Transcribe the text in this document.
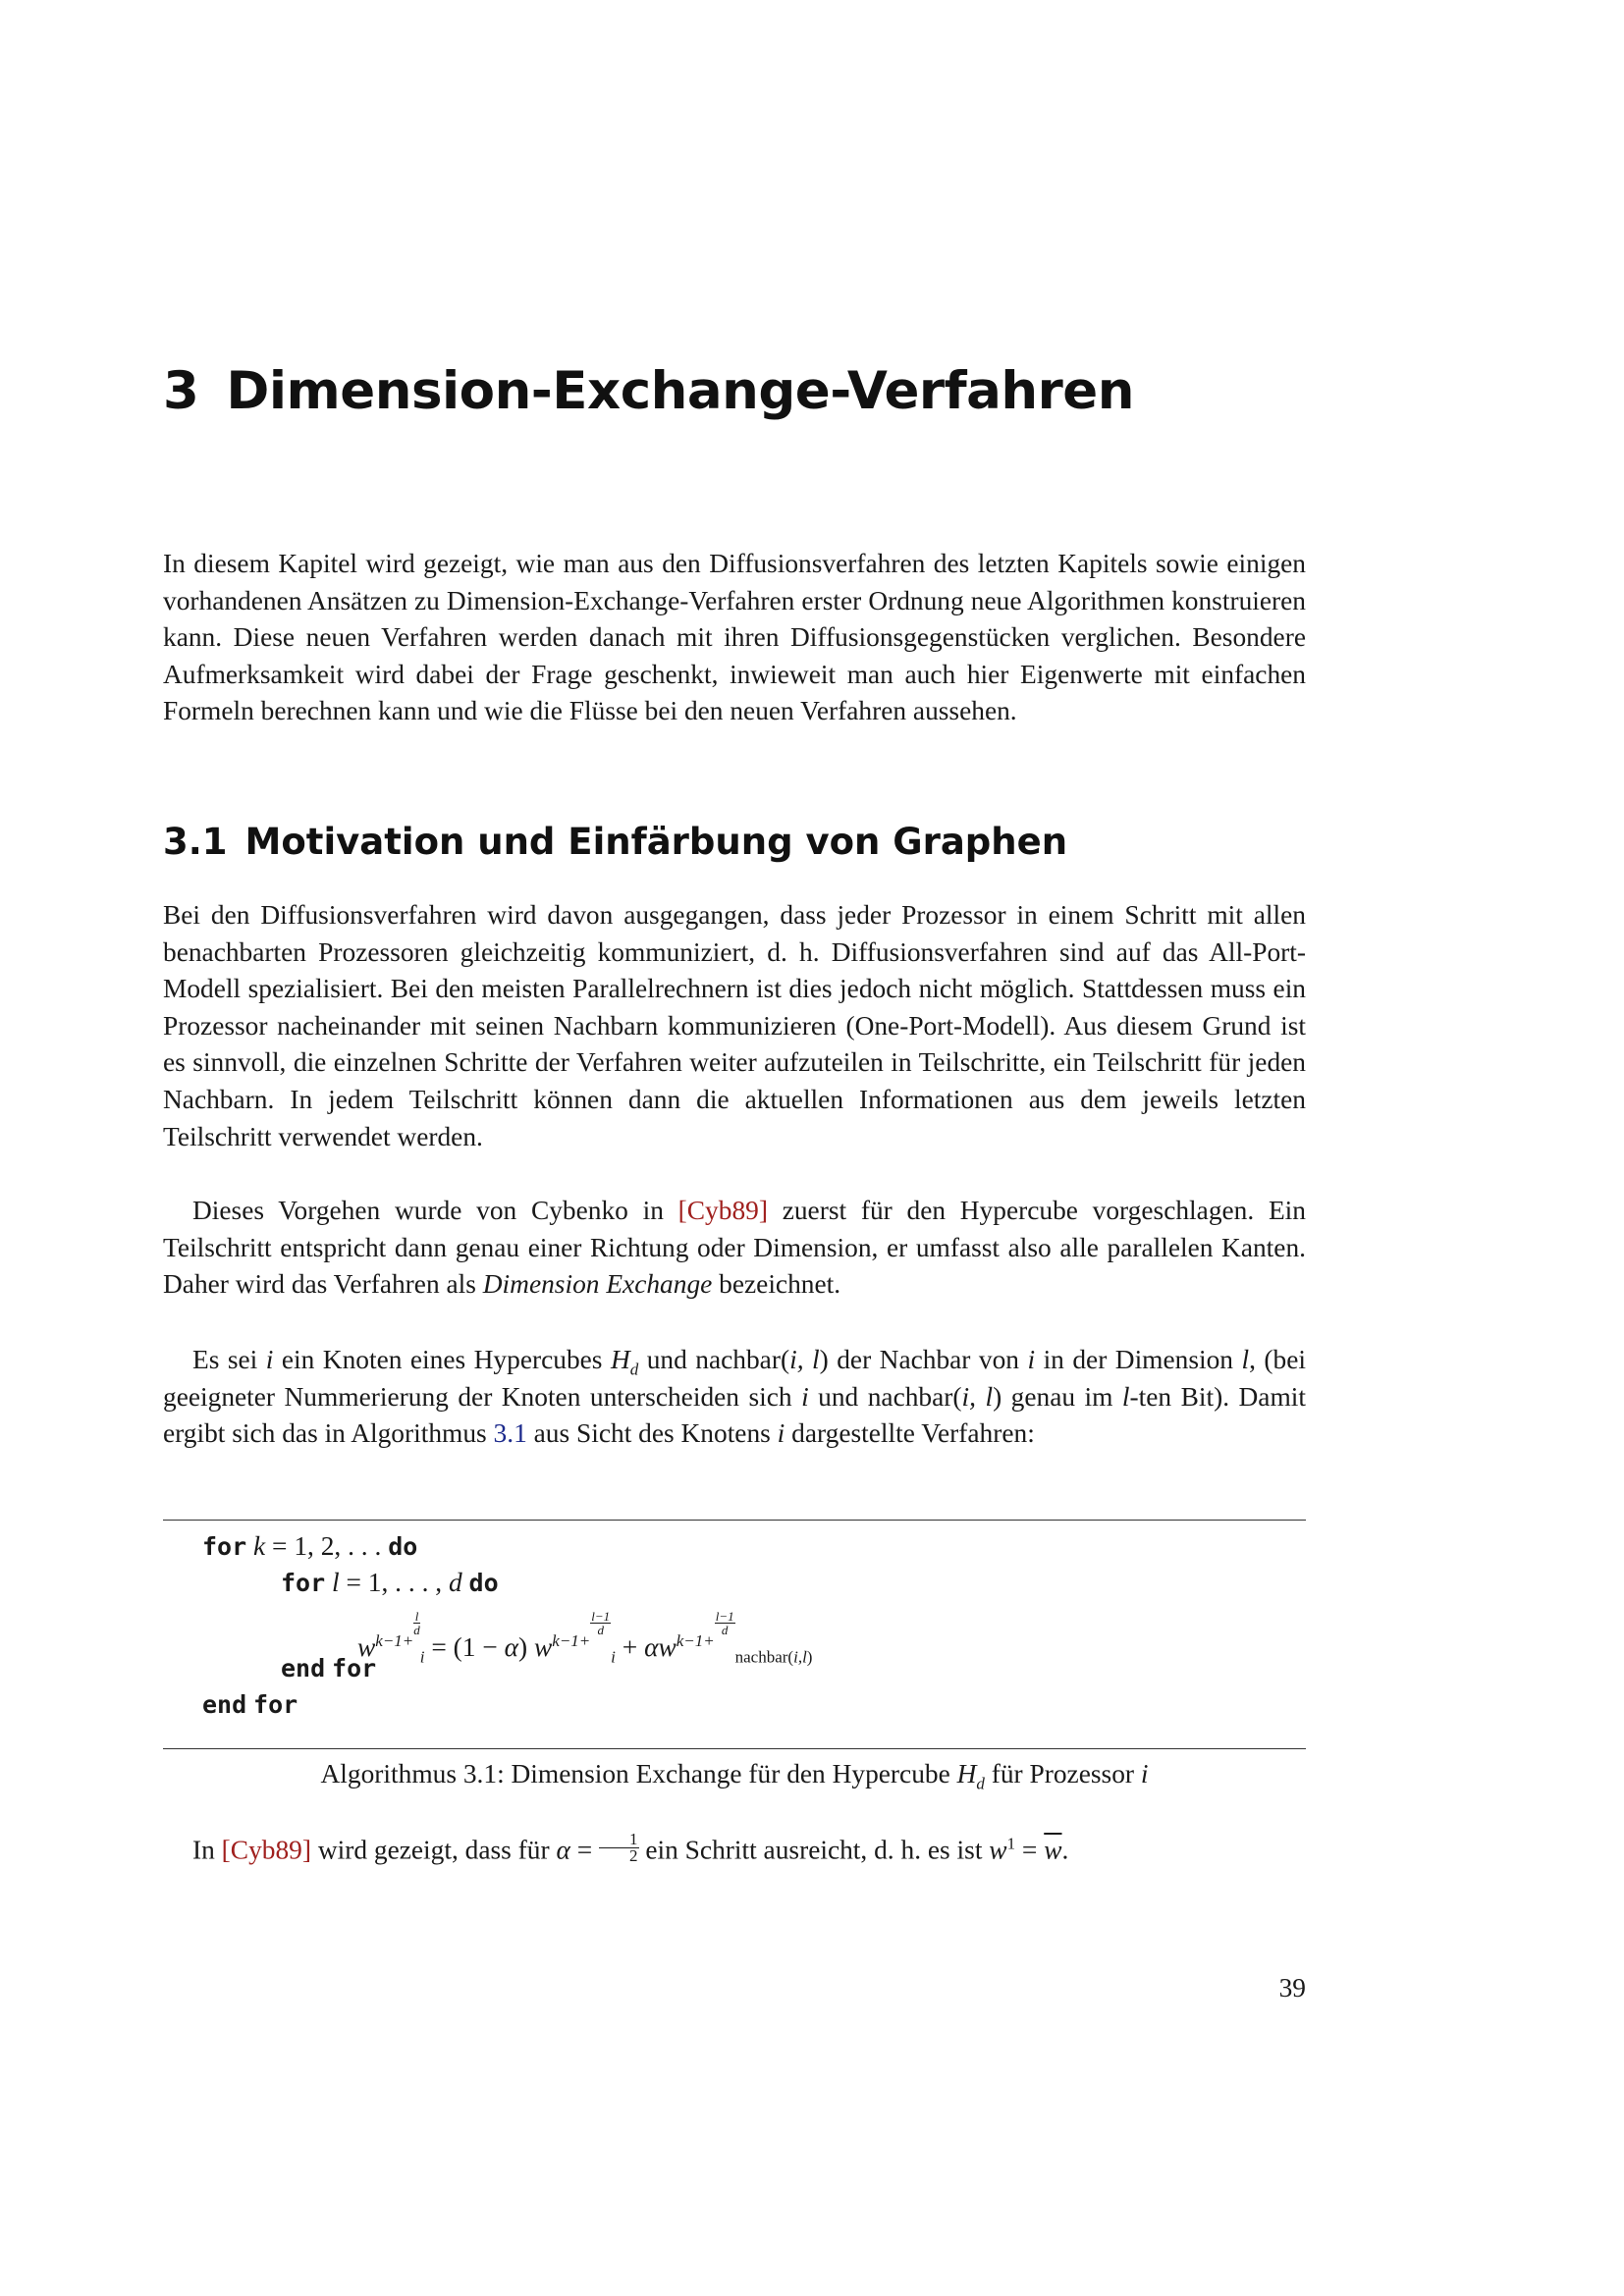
3 Dimension-Exchange-Verfahren

In diesem Kapitel wird gezeigt, wie man aus den Diffusionsverfahren des letzten Kapitels sowie einigen vorhandenen Ansätzen zu Dimension-Exchange-Verfahren erster Ordnung neue Algorithmen konstruieren kann. Diese neuen Verfahren werden danach mit ihren Diffusionsgegenstücken verglichen. Besondere Aufmerksamkeit wird dabei der Frage geschenkt, inwieweit man auch hier Eigenwerte mit einfachen Formeln berechnen kann und wie die Flüsse bei den neuen Verfahren aussehen.

3.1 Motivation und Einfärbung von Graphen

Bei den Diffusionsverfahren wird davon ausgegangen, dass jeder Prozessor in einem Schritt mit allen benachbarten Prozessoren gleichzeitig kommuniziert, d. h. Diffusionsverfahren sind auf das All-Port-Modell spezialisiert. Bei den meisten Parallelrechnern ist dies jedoch nicht möglich. Stattdessen muss ein Prozessor nacheinander mit seinen Nachbarn kommunizieren (One-Port-Modell). Aus diesem Grund ist es sinnvoll, die einzelnen Schritte der Verfahren weiter aufzuteilen in Teilschritte, ein Teilschritt für jeden Nachbarn. In jedem Teilschritt können dann die aktuellen Informationen aus dem jeweils letzten Teilschritt verwendet werden.

Dieses Vorgehen wurde von Cybenko in [Cyb89] zuerst für den Hypercube vorgeschlagen. Ein Teilschritt entspricht dann genau einer Richtung oder Dimension, er umfasst also alle parallelen Kanten. Daher wird das Verfahren als Dimension Exchange bezeichnet.

Es sei i ein Knoten eines Hypercubes $H_d$ und nachbar(i, l) der Nachbar von i in der Dimension l, (bei geeigneter Nummerierung der Knoten unterscheiden sich i und nachbar(i, l) genau im l-ten Bit). Damit ergibt sich das in Algorithmus 3.1 aus Sicht des Knotens i dargestellte Verfahren:

for k = 1, 2, . . . do
for l = 1, . . . , d do
$w^{k-1+ \frac{l}{d}}$
$_i$ = (1 − α) $w^{k-1+ \frac{l-1}{d}}$
$_i + \alpha w^{k-1+ \frac{l-1}{d}}$
$_{nachbar(i,l)}$
end for
end for
Algorithmus 3.1: Dimension Exchange für den Hypercube $H_d$ für Prozessor i

In [Cyb89] wird gezeigt, dass für $\alpha = \frac{1}{2}$ ein Schritt ausreicht, d. h. es ist $w^1 = \overline{w}$.

39
